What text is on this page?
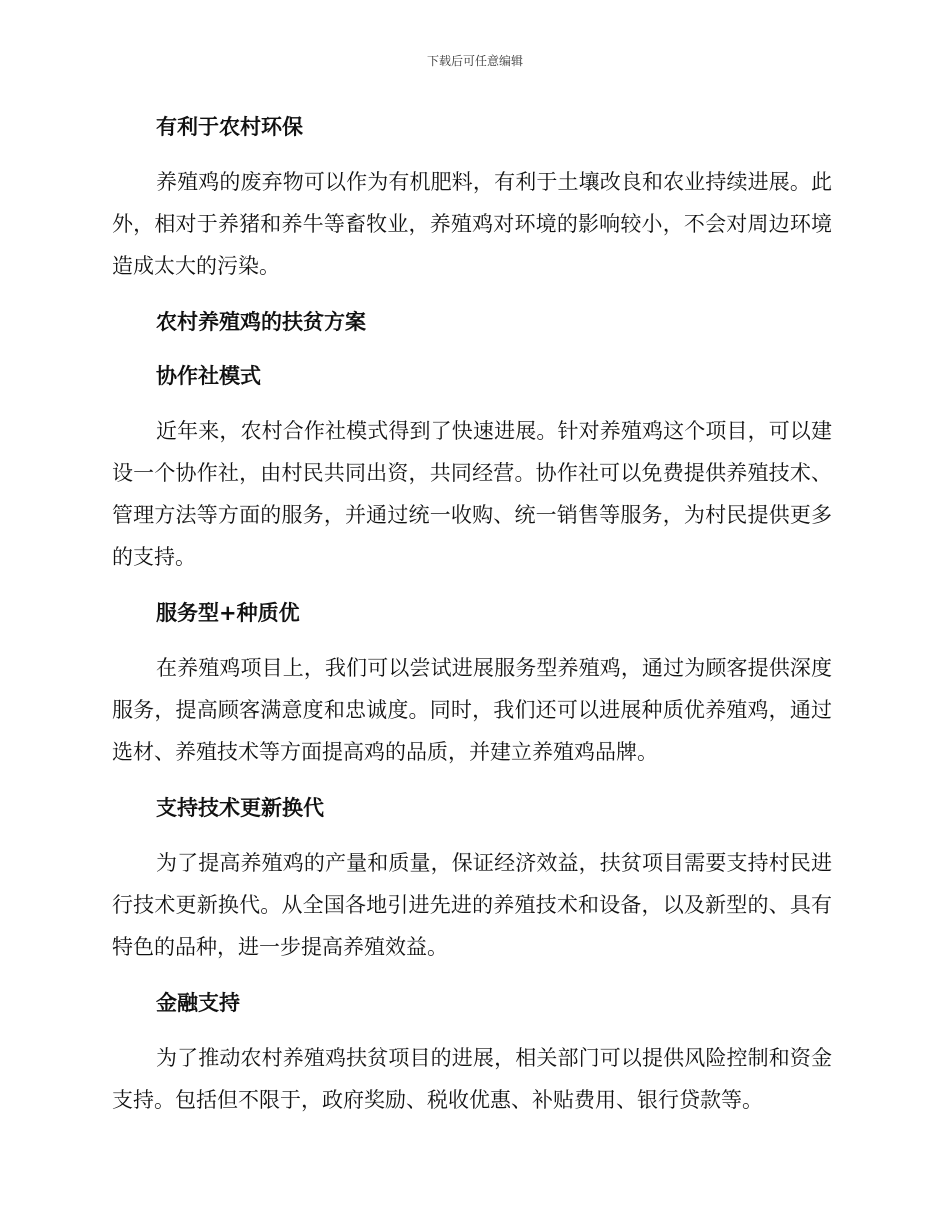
下载后可任意编辑
有利于农村环保

养殖鸡的废弃物可以作为有机肥料，有利于土壤改良和农业持续进展。此外，相对于养猪和养牛等畜牧业，养殖鸡对环境的影响较小，不会对周边环境造成太大的污染。

农村养殖鸡的扶贫方案
协作社模式

近年来，农村合作社模式得到了快速进展。针对养殖鸡这个项目，可以建设一个协作社，由村民共同出资，共同经营。协作社可以免费提供养殖技术、管理方法等方面的服务，并通过统一收购、统一销售等服务，为村民提供更多的支持。

服务型+种质优

在养殖鸡项目上，我们可以尝试进展服务型养殖鸡，通过为顾客提供深度服务，提高顾客满意度和忠诚度。同时，我们还可以进展种质优养殖鸡，通过选材、养殖技术等方面提高鸡的品质，并建立养殖鸡品牌。

支持技术更新换代

为了提高养殖鸡的产量和质量，保证经济效益，扶贫项目需要支持村民进行技术更新换代。从全国各地引进先进的养殖技术和设备，以及新型的、具有特色的品种，进一步提高养殖效益。

金融支持

为了推动农村养殖鸡扶贫项目的进展，相关部门可以提供风险控制和资金支持。包括但不限于，政府奖励、税收优惠、补贴费用、银行贷款等。
